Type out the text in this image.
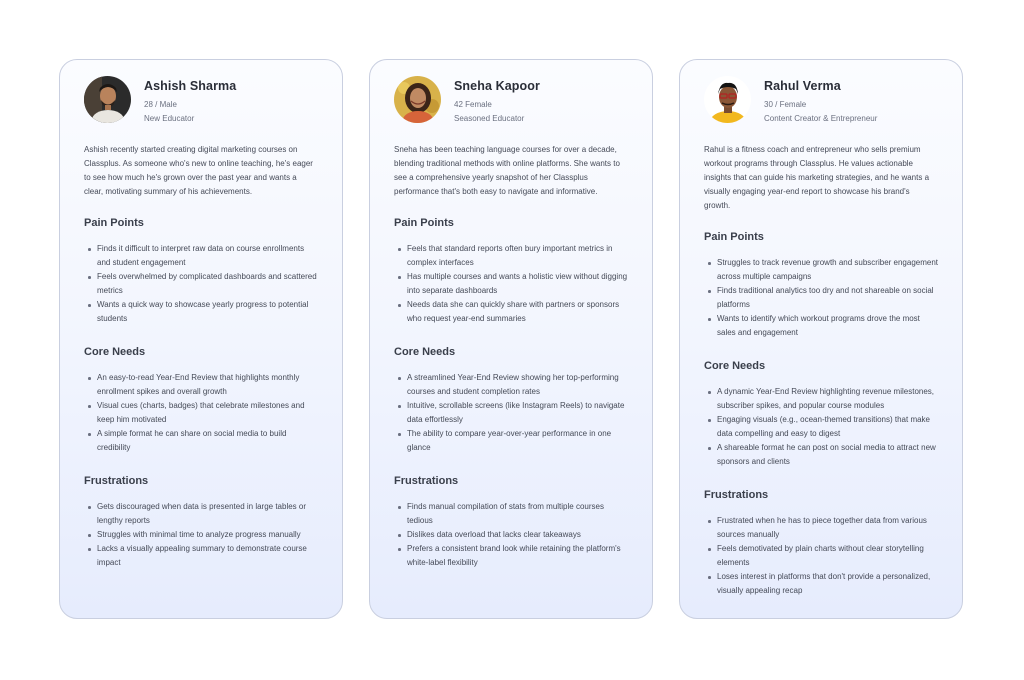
Ashish Sharma
28 / Male
New Educator

Ashish recently started creating digital marketing courses on Classplus. As someone who's new to online teaching, he's eager to see how much he's grown over the past year and wants a clear, motivating summary of his achievements.

Pain Points
Finds it difficult to interpret raw data on course enrollments and student engagement
Feels overwhelmed by complicated dashboards and scattered metrics
Wants a quick way to showcase yearly progress to potential students
Core Needs
An easy-to-read Year-End Review that highlights monthly enrollment spikes and overall growth
Visual cues (charts, badges) that celebrate milestones and keep him motivated
A simple format he can share on social media to build credibility
Frustrations
Gets discouraged when data is presented in large tables or lengthy reports
Struggles with minimal time to analyze progress manually
Lacks a visually appealing summary to demonstrate course impact
Sneha Kapoor
42 Female
Seasoned Educator

Sneha has been teaching language courses for over a decade, blending traditional methods with online platforms. She wants to see a comprehensive yearly snapshot of her Classplus performance that's both easy to navigate and informative.

Pain Points
Feels that standard reports often bury important metrics in complex interfaces
Has multiple courses and wants a holistic view without digging into separate dashboards
Needs data she can quickly share with partners or sponsors who request year-end summaries
Core Needs
A streamlined Year-End Review showing her top-performing courses and student completion rates
Intuitive, scrollable screens (like Instagram Reels) to navigate data effortlessly
The ability to compare year-over-year performance in one glance
Frustrations
Finds manual compilation of stats from multiple courses tedious
Dislikes data overload that lacks clear takeaways
Prefers a consistent brand look while retaining the platform's white-label flexibility
Rahul Verma
30 / Female
Content Creator & Entrepreneur

Rahul is a fitness coach and entrepreneur who sells premium workout programs through Classplus. He values actionable insights that can guide his marketing strategies, and he wants a visually engaging year-end report to showcase his brand's growth.

Pain Points
Struggles to track revenue growth and subscriber engagement across multiple campaigns
Finds traditional analytics too dry and not shareable on social platforms
Wants to identify which workout programs drove the most sales and engagement
Core Needs
A dynamic Year-End Review highlighting revenue milestones, subscriber spikes, and popular course modules
Engaging visuals (e.g., ocean-themed transitions) that make data compelling and easy to digest
A shareable format he can post on social media to attract new sponsors and clients
Frustrations
Frustrated when he has to piece together data from various sources manually
Feels demotivated by plain charts without clear storytelling elements
Loses interest in platforms that don't provide a personalized, visually appealing recap
